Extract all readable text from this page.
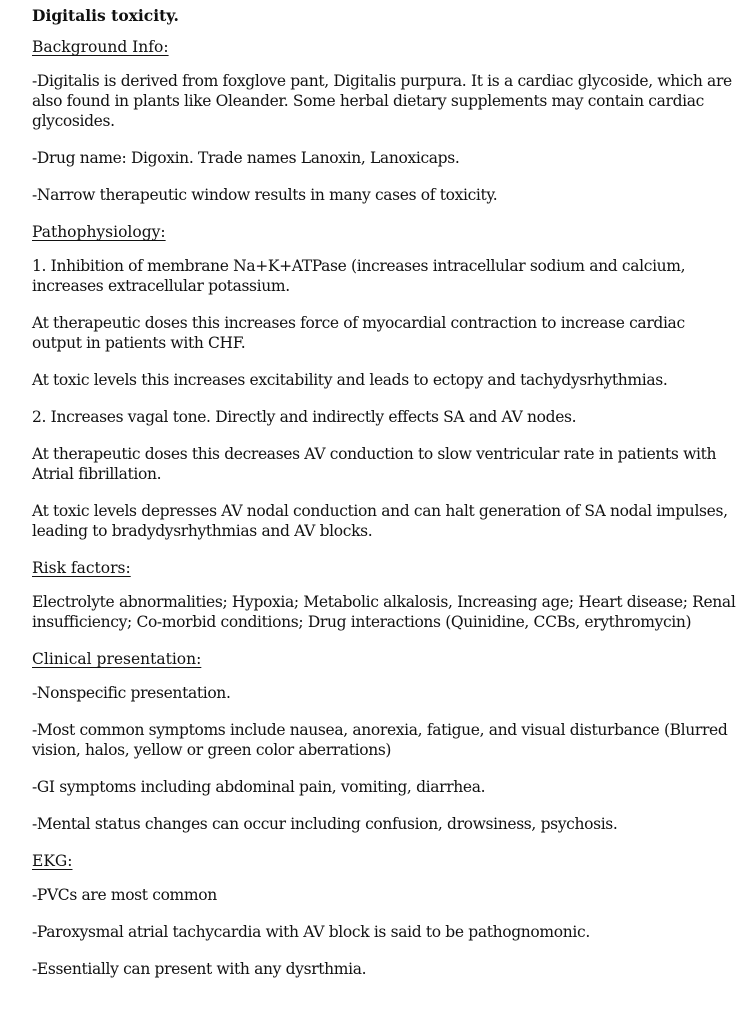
Digitalis toxicity.
Background Info:
-Digitalis is derived from foxglove pant, Digitalis purpura. It is a cardiac glycoside, which are also found in plants like Oleander. Some herbal dietary supplements may contain cardiac glycosides.
-Drug name: Digoxin. Trade names Lanoxin, Lanoxicaps.
-Narrow therapeutic window results in many cases of toxicity.
Pathophysiology:
1. Inhibition of membrane Na+K+ATPase (increases intracellular sodium and calcium, increases extracellular potassium.
At therapeutic doses this increases force of myocardial contraction to increase cardiac output in patients with CHF.
At toxic levels this increases excitability and leads to ectopy and tachydysrhythmias.
2. Increases vagal tone. Directly and indirectly effects SA and AV nodes.
At therapeutic doses this decreases AV conduction to slow ventricular rate in patients with Atrial fibrillation.
At toxic levels depresses AV nodal conduction and can halt generation of SA nodal impulses, leading to bradydysrhythmias and AV blocks.
Risk factors:
Electrolyte abnormalities; Hypoxia; Metabolic alkalosis, Increasing age; Heart disease; Renal insufficiency; Co-morbid conditions; Drug interactions (Quinidine, CCBs, erythromycin)
Clinical presentation:
-Nonspecific presentation.
-Most common symptoms include nausea, anorexia, fatigue, and visual disturbance (Blurred vision, halos, yellow or green color aberrations)
-GI symptoms including abdominal pain, vomiting, diarrhea.
-Mental status changes can occur including confusion, drowsiness, psychosis.
EKG:
-PVCs are most common
-Paroxysmal atrial tachycardia with AV block is said to be pathognomonic.
-Essentially can present with any dysrthmia.
